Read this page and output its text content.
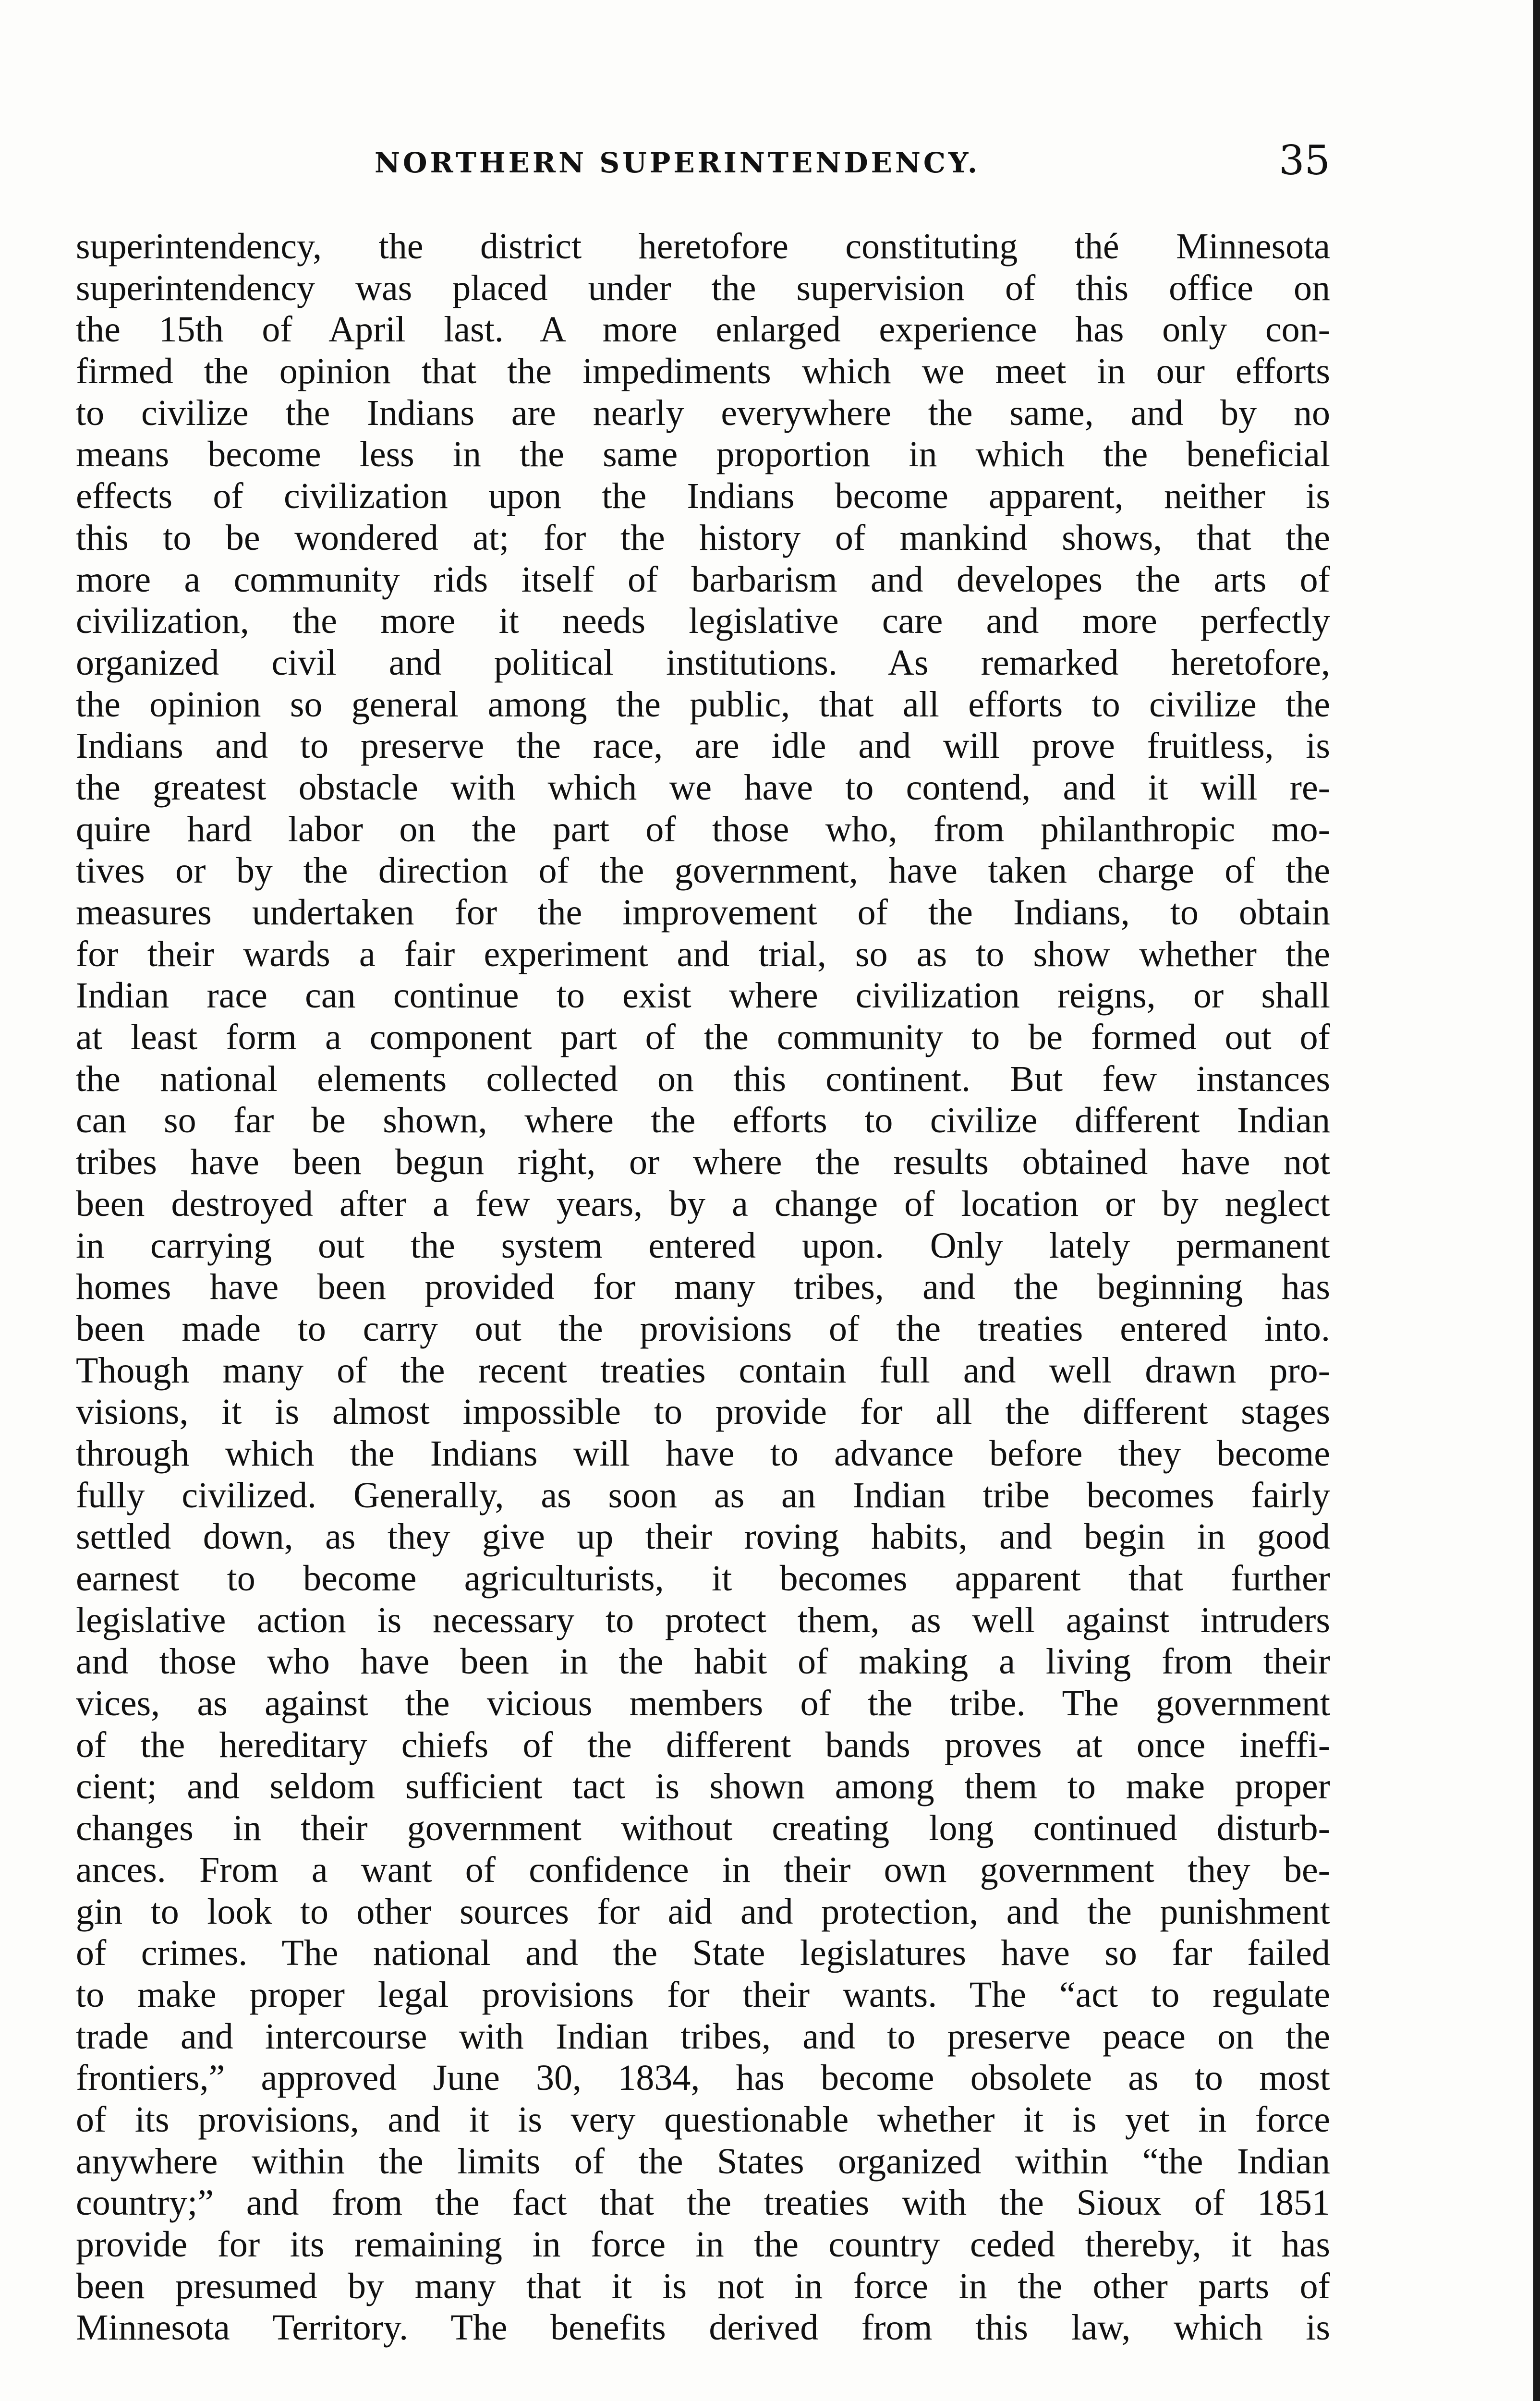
NORTHERN SUPERINTENDENCY.	35
superintendency, the district heretofore constituting thé Minnesota
superintendency was placed under the supervision of this office on
the 15th of April last. A more enlarged experience has only con-
firmed the opinion that the impediments which we meet in our efforts
to civilize the Indians are nearly everywhere the same, and by no
means become less in the same proportion in which the beneficial
effects of civilization upon the Indians become apparent, neither is
this to be wondered at; for the history of mankind shows, that the
more a community rids itself of barbarism and developes the arts of
civilization, the more it needs legislative care and more perfectly
organized civil and political institutions. As remarked heretofore,
the opinion so general among the public, that all efforts to civilize the
Indians and to preserve the race, are idle and will prove fruitless, is
the greatest obstacle with which we have to contend, and it will re-
quire hard labor on the part of those who, from philanthropic mo-
tives or by the direction of the government, have taken charge of the
measures undertaken for the improvement of the Indians, to obtain
for their wards a fair experiment and trial, so as to show whether the
Indian race can continue to exist where civilization reigns, or shall
at least form a component part of the community to be formed out of
the national elements collected on this continent. But few instances
can so far be shown, where the efforts to civilize different Indian
tribes have been begun right, or where the results obtained have not
been destroyed after a few years, by a change of location or by neglect
in carrying out the system entered upon. Only lately permanent
homes have been provided for many tribes, and the beginning has
been made to carry out the provisions of the treaties entered into.
Though many of the recent treaties contain full and well drawn pro-
visions, it is almost impossible to provide for all the different stages
through which the Indians will have to advance before they become
fully civilized. Generally, as soon as an Indian tribe becomes fairly
settled down, as they give up their roving habits, and begin in good
earnest to become agriculturists, it becomes apparent that further
legislative action is necessary to protect them, as well against intruders
and those who have been in the habit of making a living from their
vices, as against the vicious members of the tribe. The government
of the hereditary chiefs of the different bands proves at once ineffi-
cient; and seldom sufficient tact is shown among them to make proper
changes in their government without creating long continued disturb-
ances. From a want of confidence in their own government they be-
gin to look to other sources for aid and protection, and the punishment
of crimes. The national and the State legislatures have so far failed
to make proper legal provisions for their wants. The “act to regulate
trade and intercourse with Indian tribes, and to preserve peace on the
frontiers,” approved June 30, 1834, has become obsolete as to most
of its provisions, and it is very questionable whether it is yet in force
anywhere within the limits of the States organized within “the Indian
country;” and from the fact that the treaties with the Sioux of 1851
provide for its remaining in force in the country ceded thereby, it has
been presumed by many that it is not in force in the other parts of
Minnesota Territory. The benefits derived from this law, which is
